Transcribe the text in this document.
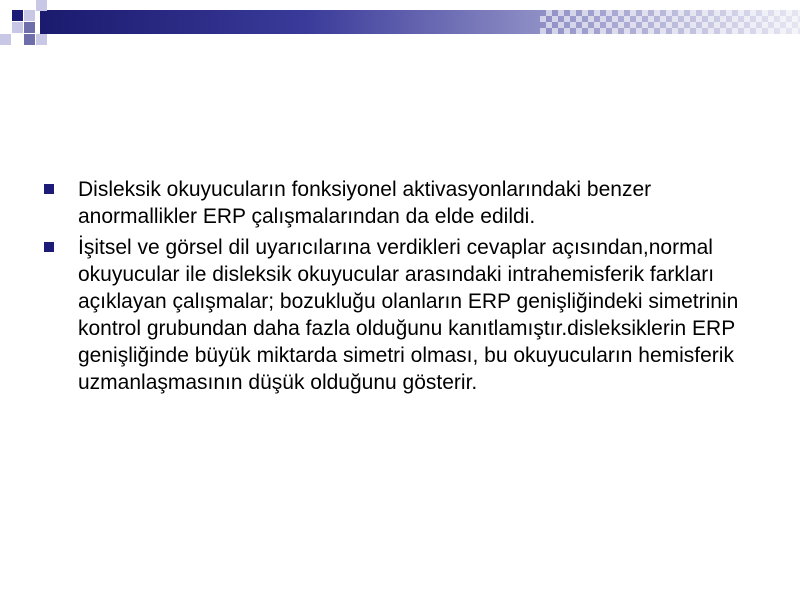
Disleksik okuyucuların fonksiyonel aktivasyonlarındaki benzer anormallikler ERP çalışmalarından da elde edildi.

İşitsel ve görsel dil uyarıcılarına verdikleri cevaplar açısından,normal okuyucular ile disleksik okuyucular arasındaki intrahemisferik farkları açıklayan çalışmalar; bozukluğu olanların ERP genişliğindeki simetrinin kontrol grubundan daha fazla olduğunu kanıtlamıştır.disleksiklerin ERP genişliğinde büyük miktarda simetri olması, bu okuyucuların hemisferik uzmanlaşmasının düşük olduğunu gösterir.
